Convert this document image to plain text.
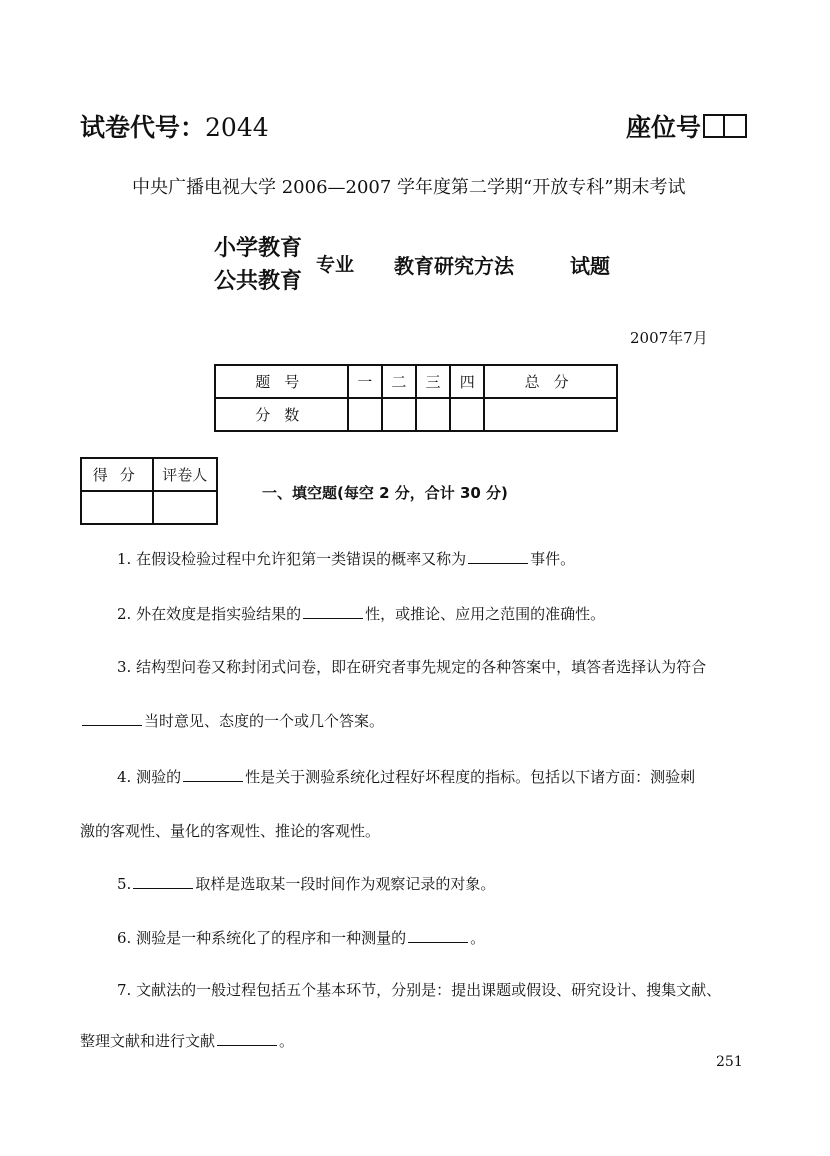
试卷代号：2044	座位号
中央广播电视大学 2006—2007 学年度第二学期“开放专科”期末考试
小学教育
公共教育
专业 教育研究方法	试题
2007年7月
题号	一	二	三	四	总分
分数					
得分	评卷人

一、填空题(每空 2 分，合计 30 分)
1. 在假设检验过程中允许犯第一类错误的概率又称为	事件。
2. 外在效度是指实验结果的	性，或推论、应用之范围的准确性。
3. 结构型问卷又称封闭式问卷，即在研究者事先规定的各种答案中，填答者选择认为符合
当时意见、态度的一个或几个答案。
4. 测验的	性是关于测验系统化过程好坏程度的指标。包括以下诸方面：测验刺
激的客观性、量化的客观性、推论的客观性。
5.	取样是选取某一段时间作为观察记录的对象。
6. 测验是一种系统化了的程序和一种测量的	。
7. 文献法的一般过程包括五个基本环节，分别是：提出课题或假设、研究设计、搜集文献、
整理文献和进行文献	。
251
